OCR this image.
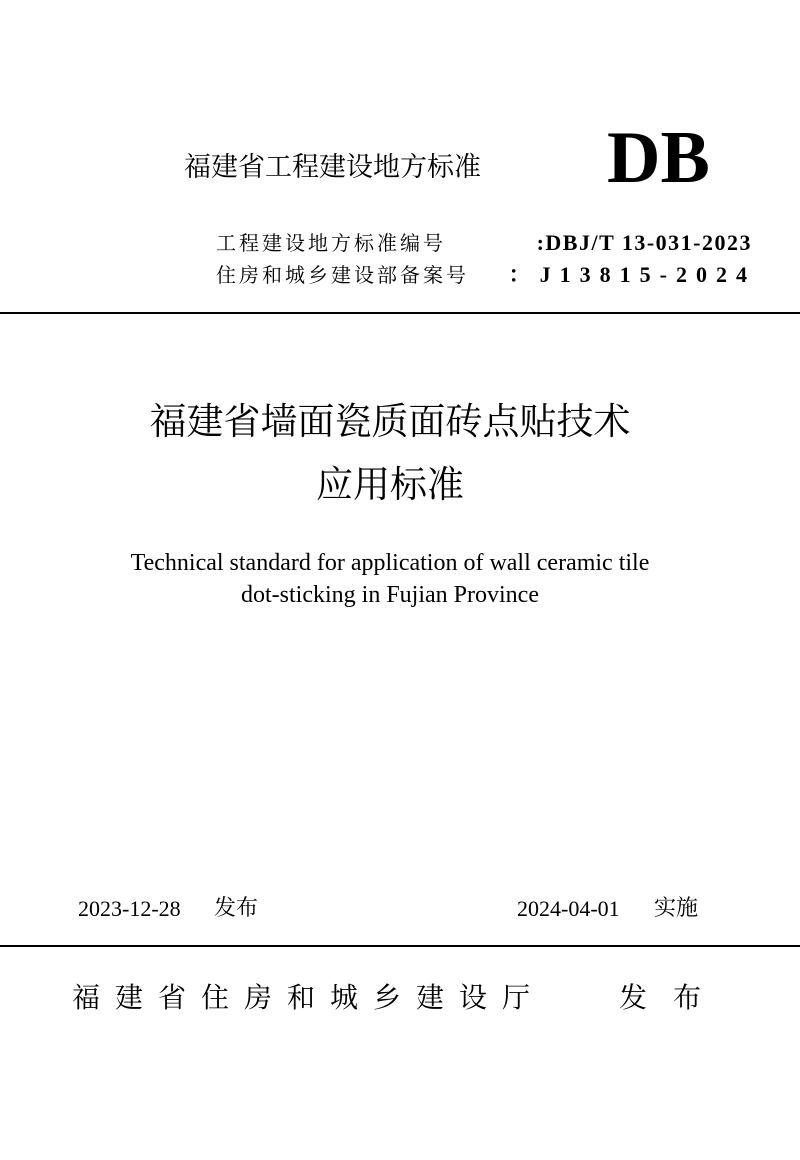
福建省工程建设地方标准 DB
工程建设地方标准编号	:DBJ/T 13-031-2023
住房和城乡建设部备案号 ：J13815-2024
福建省墙面瓷质面砖点贴技术
应用标准
Technical standard for application of wall ceramic tile
dot-sticking in Fujian Province
2023-12-28 发布	2024-04-01 实施
福建省住房和城乡建设厅	发布
